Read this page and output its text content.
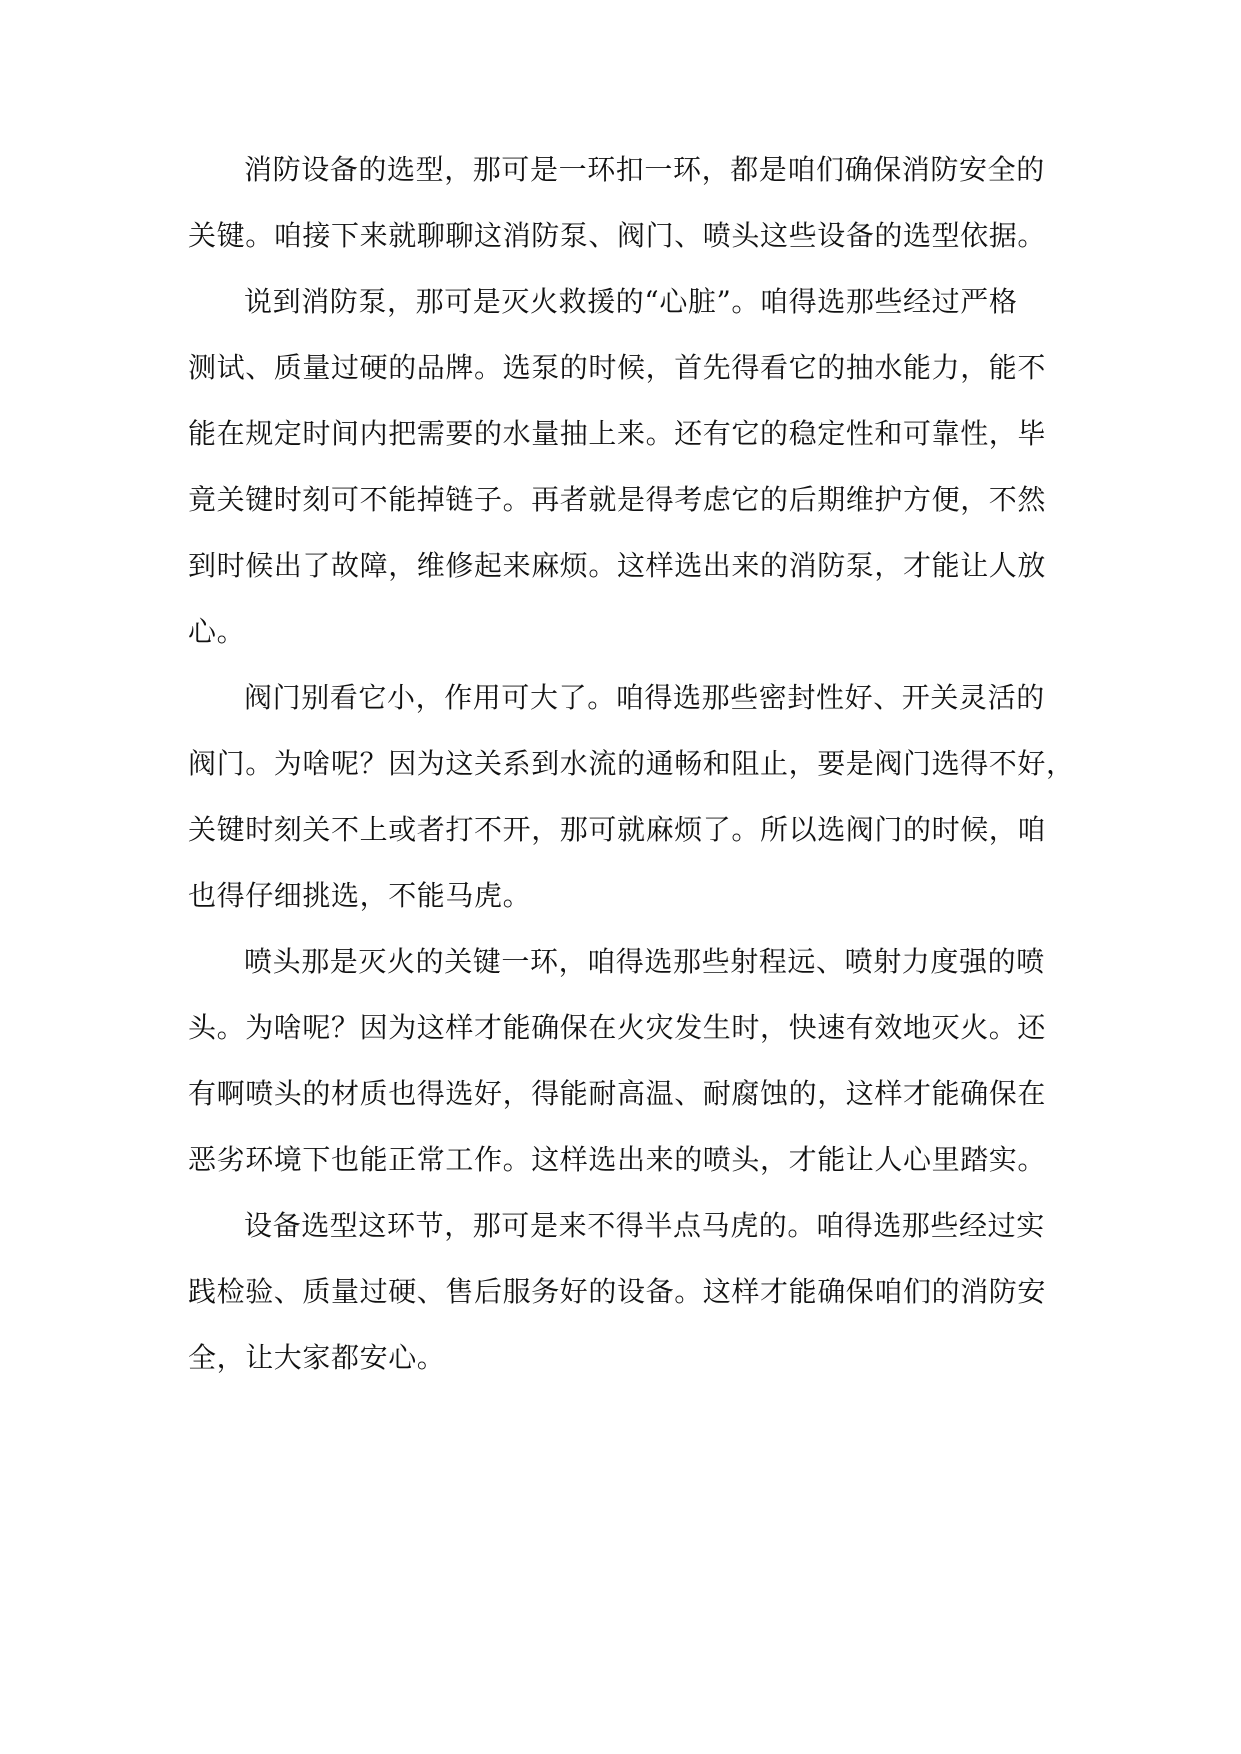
消防设备的选型，那可是一环扣一环，都是咱们确保消防安全的
关键。咱接下来就聊聊这消防泵、阀门、喷头这些设备的选型依据。

说到消防泵，那可是灭火救援的“心脏”。咱得选那些经过严格
测试、质量过硬的品牌。选泵的时候，首先得看它的抽水能力，能不
能在规定时间内把需要的水量抽上来。还有它的稳定性和可靠性，毕
竟关键时刻可不能掉链子。再者就是得考虑它的后期维护方便，不然
到时候出了故障，维修起来麻烦。这样选出来的消防泵，才能让人放
心。

阀门别看它小，作用可大了。咱得选那些密封性好、开关灵活的
阀门。为啥呢？因为这关系到水流的通畅和阻止，要是阀门选得不好，
关键时刻关不上或者打不开，那可就麻烦了。所以选阀门的时候，咱
也得仔细挑选，不能马虎。

喷头那是灭火的关键一环，咱得选那些射程远、喷射力度强的喷
头。为啥呢？因为这样才能确保在火灾发生时，快速有效地灭火。还
有啊喷头的材质也得选好，得能耐高温、耐腐蚀的，这样才能确保在
恶劣环境下也能正常工作。这样选出来的喷头，才能让人心里踏实。

设备选型这环节，那可是来不得半点马虎的。咱得选那些经过实
践检验、质量过硬、售后服务好的设备。这样才能确保咱们的消防安
全，让大家都安心。
